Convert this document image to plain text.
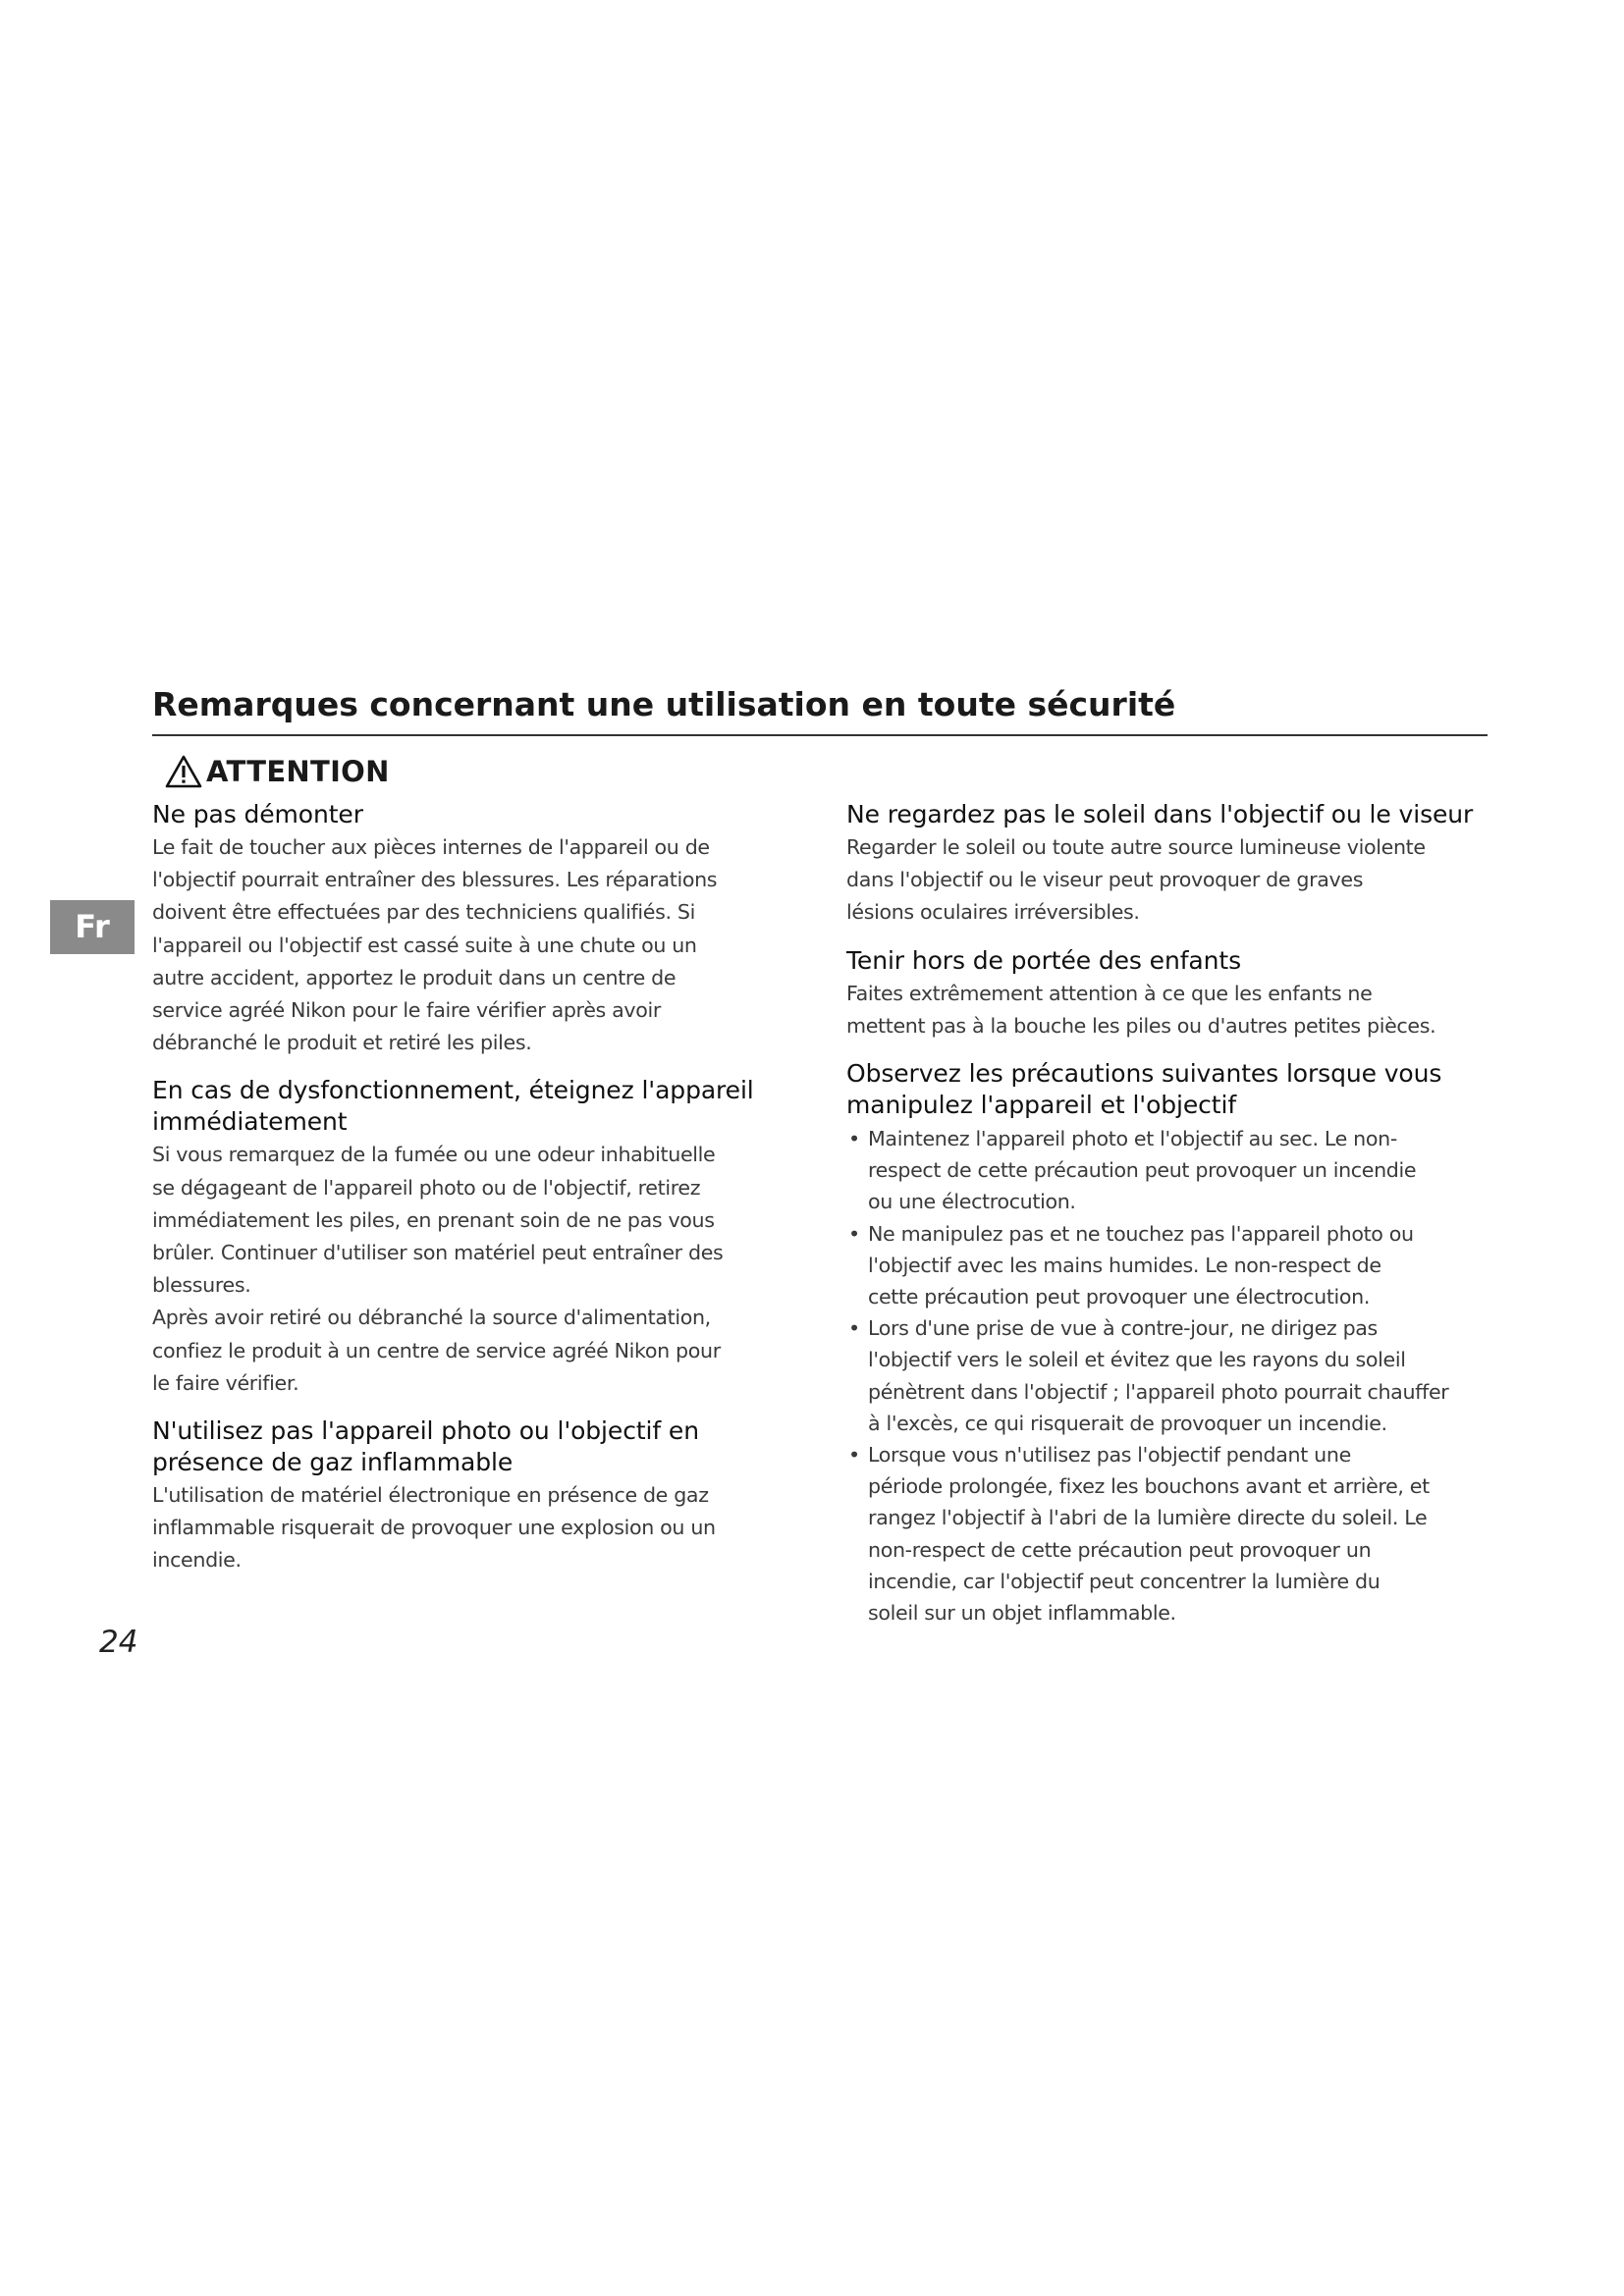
Remarques concernant une utilisation en toute sécurité
Fr
ATTENTION
Ne pas démonter

Le fait de toucher aux pièces internes de l'appareil ou de
l'objectif pourrait entraîner des blessures. Les réparations
doivent être effectuées par des techniciens qualifiés. Si
l'appareil ou l'objectif est cassé suite à une chute ou un
autre accident, apportez le produit dans un centre de
service agréé Nikon pour le faire vérifier après avoir
débranché le produit et retiré les piles.

En cas de dysfonctionnement, éteignez l'appareil
immédiatement

Si vous remarquez de la fumée ou une odeur inhabituelle
se dégageant de l'appareil photo ou de l'objectif, retirez
immédiatement les piles, en prenant soin de ne pas vous
brûler. Continuer d'utiliser son matériel peut entraîner des
blessures.
Après avoir retiré ou débranché la source d'alimentation,
confiez le produit à un centre de service agréé Nikon pour
le faire vérifier.

N'utilisez pas l'appareil photo ou l'objectif en
présence de gaz inflammable

L'utilisation de matériel électronique en présence de gaz
inflammable risquerait de provoquer une explosion ou un
incendie.

Ne regardez pas le soleil dans l'objectif ou le viseur

Regarder le soleil ou toute autre source lumineuse violente
dans l'objectif ou le viseur peut provoquer de graves
lésions oculaires irréversibles.

Tenir hors de portée des enfants

Faites extrêmement attention à ce que les enfants ne
mettent pas à la bouche les piles ou d'autres petites pièces.

Observez les précautions suivantes lorsque vous
manipulez l'appareil et l'objectif
• Maintenez l'appareil photo et l'objectif au sec. Le non-
respect de cette précaution peut provoquer un incendie
ou une électrocution.
• Ne manipulez pas et ne touchez pas l'appareil photo ou
l'objectif avec les mains humides. Le non-respect de
cette précaution peut provoquer une électrocution.
• Lors d'une prise de vue à contre-jour, ne dirigez pas
l'objectif vers le soleil et évitez que les rayons du soleil
pénètrent dans l'objectif ; l'appareil photo pourrait chauffer
à l'excès, ce qui risquerait de provoquer un incendie.
• Lorsque vous n'utilisez pas l'objectif pendant une
période prolongée, fixez les bouchons avant et arrière, et
rangez l'objectif à l'abri de la lumière directe du soleil. Le
non-respect de cette précaution peut provoquer un
incendie, car l'objectif peut concentrer la lumière du
soleil sur un objet inflammable.
24
